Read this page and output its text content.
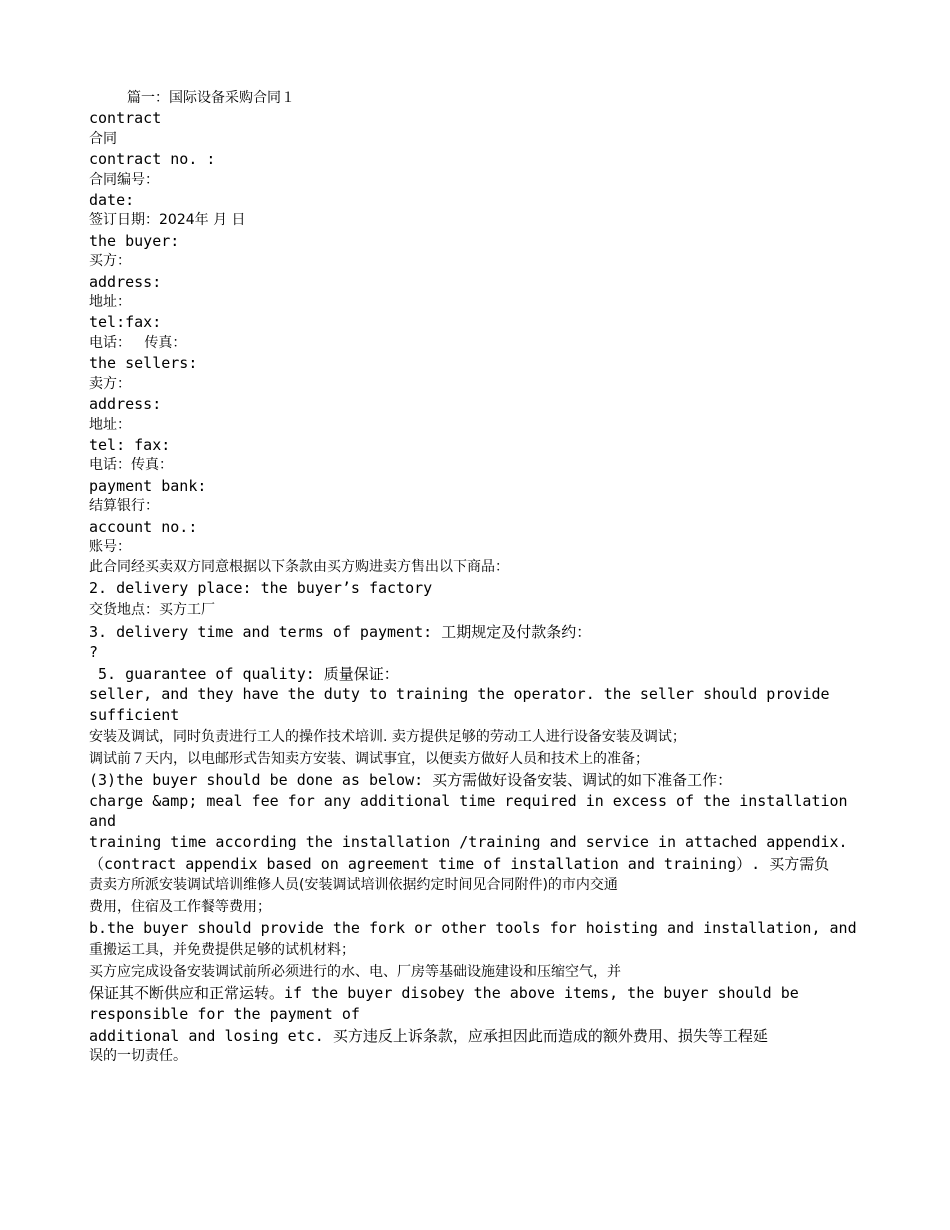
篇一：国际设备采购合同１
contract
合同
contract no. :
合同编号：
date:
签订日期：2024年 月 日
the buyer:
买方：
address:
地址：
tel:fax:
电话：   传真：
the sellers:
卖方：
address:
地址：
tel: fax:
电话：传真：
payment bank:
结算银行：
account no.:
账号：
此合同经买卖双方同意根据以下条款由买方购进卖方售出以下商品：
2. delivery place: the buyer’s factory
交货地点：买方工厂
3. delivery time and terms of payment: 工期规定及付款条约：
?
5. guarantee of quality: 质量保证：
seller, and they have the duty to training the operator. the seller should provide sufficient
安装及调试，同时负责进行工人的操作技术培训. 卖方提供足够的劳动工人进行设备安装及调试；
调试前７天内，以电邮形式告知卖方安装、调试事宜，以便卖方做好人员和技术上的准备；
(3)the buyer should be done as below: 买方需做好设备安装、调试的如下准备工作：
charge &amp; meal fee for any additional time required in excess of the installation and
training time according the installation /training and service in attached appendix.
（contract appendix based on agreement time of installation and training）. 买方需负
责卖方所派安装调试培训维修人员(安装调试培训依据约定时间见合同附件)的市内交通
费用，住宿及工作餐等费用；
b.the buyer should provide the fork or other tools for hoisting and installation, and
重搬运工具，并免费提供足够的试机材料；
买方应完成设备安装调试前所必须进行的水、电、厂房等基础设施建设和压缩空气，并
保证其不断供应和正常运转。if the buyer disobey the above items, the buyer should be responsible for the payment of
additional and losing etc. 买方违反上诉条款，应承担因此而造成的额外费用、损失等工程延
误的一切责任。
